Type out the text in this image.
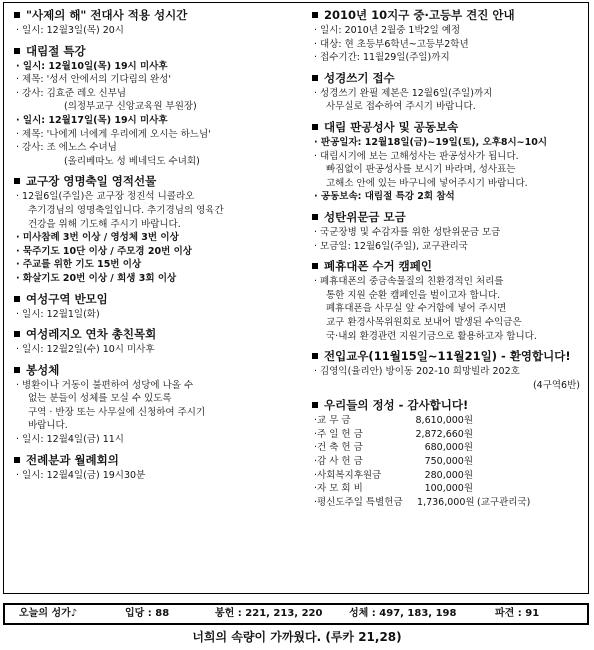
"사제의 해" 전대사 적용 성시간
· 일시: 12월3일(목) 20시
대림절 특강
· 일시: 12월10일(목) 19시 미사후
· 제목: '성서 안에서의 기다림의 완성'
· 강사: 김효준 레오 신부님
(의정부교구 신앙교육원 부원장)
· 일시: 12월17일(목) 19시 미사후
· 제목: '나에게 너에게 우리에게 오시는 하느님'
· 강사: 조 에노스 수녀님
(올리베따노 성 베네딕도 수녀회)
교구장 영명축일 영적선물
· 12월6일(주일)은 교구장 정진석 니콜라오
추기경님의 영명축일입니다. 추기경님의 영육간
건강을 위해 기도해 주시기 바랍니다.
· 미사참례 3번 이상 / 영성체 3번 이상
· 묵주기도 10단 이상 / 주모경 20번 이상
· 주교를 위한 기도 15번 이상
· 화살기도 20번 이상 / 희생 3회 이상
여성구역 반모임
· 일시: 12월1일(화)
여성레지오 연차 총친목회
· 일시: 12월2일(수) 10시 미사후
봉성체
· 병환이나 거동이 불편하여 성당에 나올 수
없는 분들이 성체를 모실 수 있도록
구역 · 반장 또는 사무실에 신청하여 주시기
바랍니다.
· 일시: 12월4일(금) 11시
전례분과 월례회의
· 일시: 12월4일(금) 19시30분
2010년 10지구 중·고등부 견진 안내
· 일시: 2010년 2월중 1박2일 예정
· 대상: 현 초등부6학년~고등부2학년
· 접수기간: 11월29일(주일)까지
성경쓰기 접수
· 성경쓰기 완필 제본은 12월6일(주일)까지
사무실로 접수하여 주시기 바랍니다.
대림 판공성사 및 공동보속
· 판공일자: 12월18일(금)~19일(토), 오후8시~10시
· 대림시기에 보는 고해성사는 판공성사가 됩니다.
빠짐없이 판공성사를 보시기 바라며, 성사표는
고해소 안에 있는 바구니에 넣어주시기 바랍니다.
· 공동보속: 대림절 특강 2회 참석
성탄위문금 모금
· 국군장병 및 수감자를 위한 성탄위문금 모금
· 모금일: 12월6일(주일), 교구관리국
폐휴대폰 수거 캠페인
· 폐휴대폰의 중금속물질의 친환경적인 처리를
통한 지원 순환 캠페인을 벌이고자 합니다.
폐휴대폰을 사무실 앞 수거함에 넣어 주시면
교구 환경사목위원회로 보내어 발생된 수익금은
국·내외 환경관련 지원기금으로 활용하고자 합니다.
전입교우(11월15일~11월21일) - 환영합니다!
· 김영익(율리안) 방이동 202-10 희망빌라 202호
(4구역6반)
우리들의 정성 - 감사합니다!
· 교 무 금	8,610,000원
· 주 일 헌 금	2,872,660원
· 건 축 헌 금	680,000원
· 감 사 헌 금	750,000원
· 사회복지후원금	280,000원
· 자 모 회 비	100,000원
· 평신도주일 특별헌금	1,736,000원 (교구관리국)
오늘의 성가♪	입당 : 88	봉헌 : 221, 213, 220	성체 : 497, 183, 198	파견 : 91
너희의 속량이 가까웠다. (루카 21,28)
